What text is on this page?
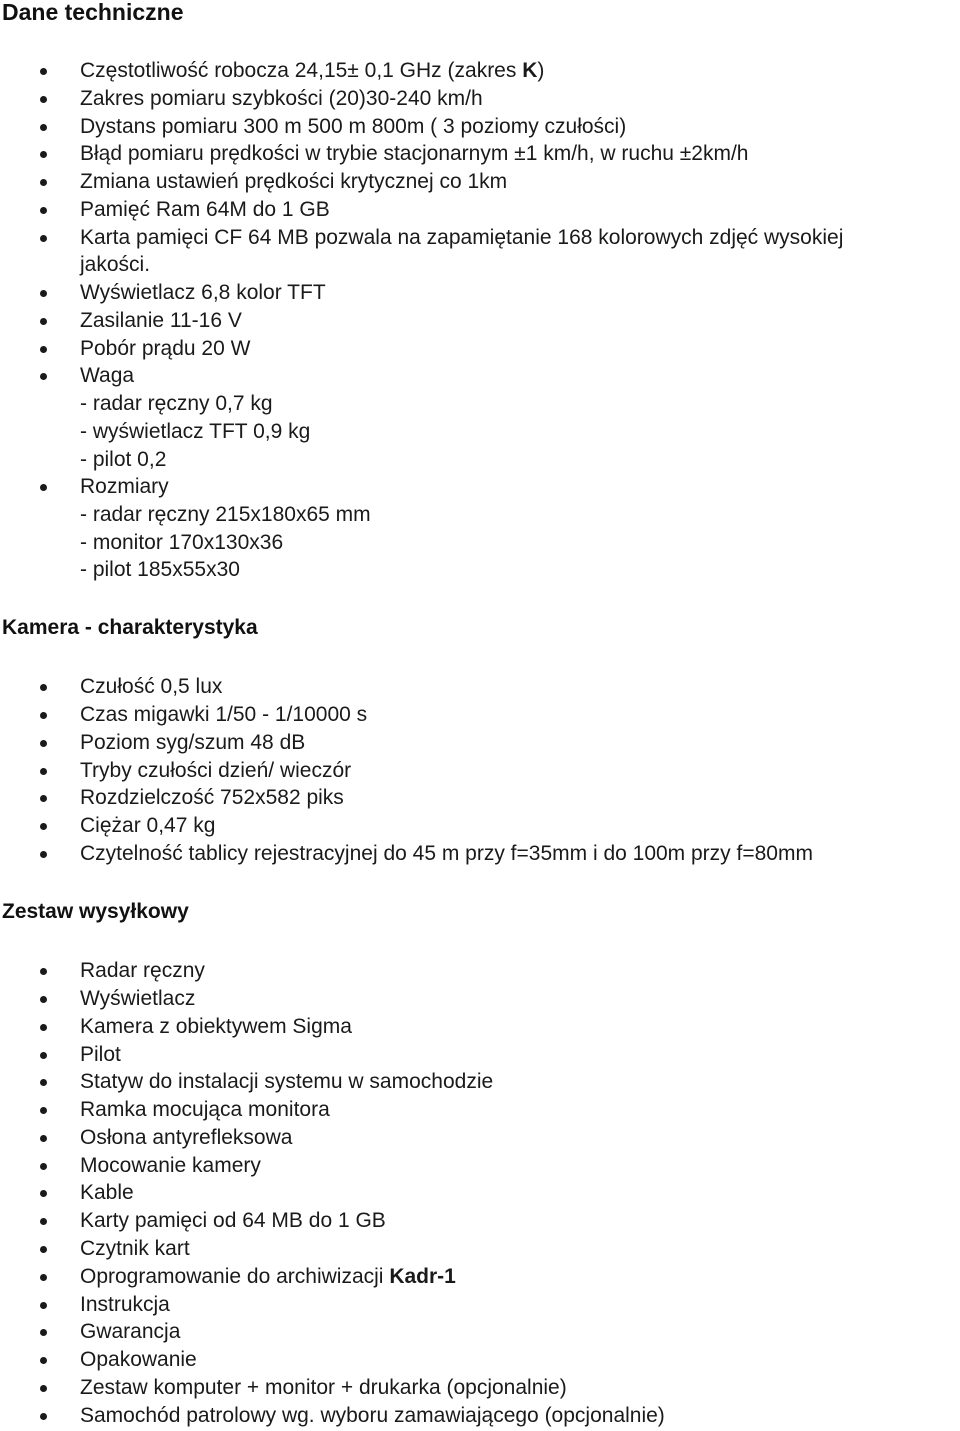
Dane techniczne
Częstotliwość robocza 24,15± 0,1 GHz (zakres K)
Zakres pomiaru szybkości (20)30-240 km/h
Dystans pomiaru 300 m 500 m 800m ( 3 poziomy czułości)
Błąd pomiaru prędkości w trybie stacjonarnym ±1 km/h, w ruchu ±2km/h
Zmiana ustawień prędkości krytycznej co 1km
Pamięć Ram 64M do 1 GB
Karta pamięci CF 64 MB pozwala na zapamiętanie 168 kolorowych zdjęć wysokiej
jakości.
Wyświetlacz 6,8 kolor TFT
Zasilanie 11-16 V
Pobór prądu 20 W
Waga
- radar ręczny 0,7 kg
- wyświetlacz TFT 0,9 kg
- pilot 0,2
Rozmiary
- radar ręczny 215x180x65 mm
- monitor 170x130x36
- pilot 185x55x30
Kamera - charakterystyka
Czułość 0,5 lux
Czas migawki 1/50 - 1/10000 s
Poziom syg/szum 48 dB
Tryby czułości dzień/ wieczór
Rozdzielczość 752x582 piks
Ciężar 0,47 kg
Czytelność tablicy rejestracyjnej do 45 m przy f=35mm i do 100m przy f=80mm
Zestaw wysyłkowy
Radar ręczny
Wyświetlacz
Kamera z obiektywem Sigma
Pilot
Statyw do instalacji systemu w samochodzie
Ramka mocująca monitora
Osłona antyrefleksowa
Mocowanie kamery
Kable
Karty pamięci od 64 MB do 1 GB
Czytnik kart
Oprogramowanie do archiwizacji Kadr-1
Instrukcja
Gwarancja
Opakowanie
Zestaw komputer + monitor + drukarka (opcjonalnie)
Samochód patrolowy wg. wyboru zamawiającego (opcjonalnie)
